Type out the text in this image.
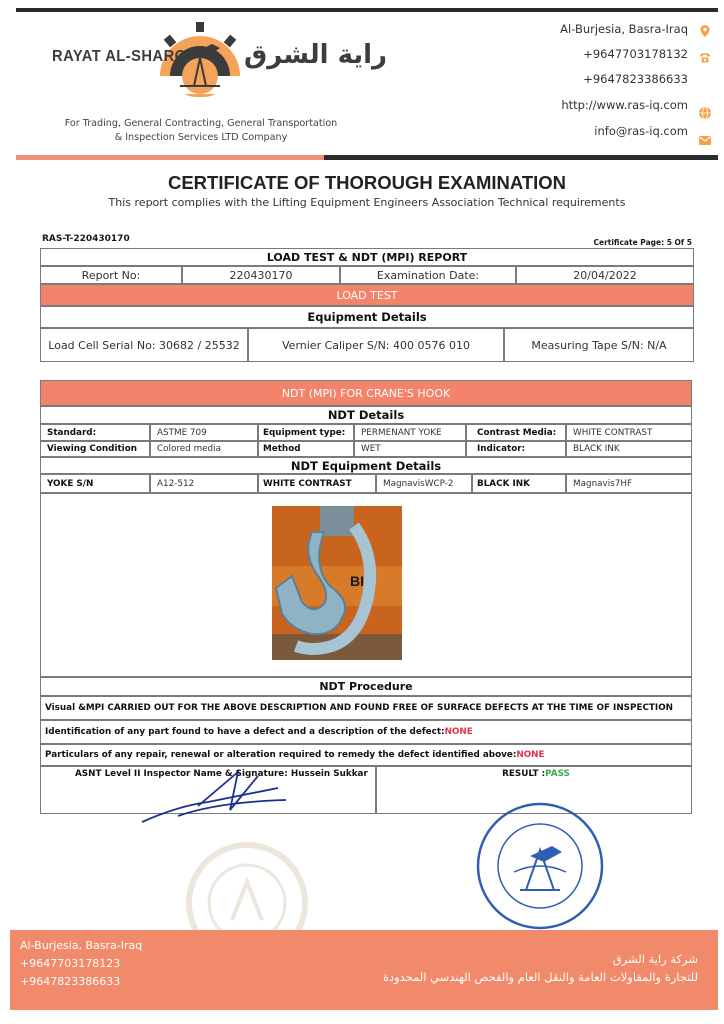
RAYAT AL-SHARQ راية الشرق
For Trading, General Contracting, General Transportation
& Inspection Services LTD Company
Al-Burjesia, Basra-Iraq
+9647703178132
+9647823386633
http://www.ras-iq.com
info@ras-iq.com
CERTIFICATE OF THOROUGH EXAMINATION
This report complies with the Lifting Equipment Engineers Association Technical requirements
RAS-T-220430170	Certificate Page: 5 Of 5
LOAD TEST & NDT (MPI) REPORT
Report No:	220430170	Examination Date:	20/04/2022
LOAD TEST
Equipment Details
Load Cell Serial No: 30682 / 25532	Vernier Caliper S/N: 400 0576 010	Measuring Tape S/N: N/A
NDT (MPI) FOR CRANE'S HOOK
NDT Details
Standard:	ASTME 709	Equipment type:	PERMENANT YOKE	Contrast Media:	WHITE CONTRAST
Viewing Condition	Colored media	Method	WET	Indicator:	BLACK INK
NDT Equipment Details
YOKE S/N	A12-512	WHITE CONTRAST	MagnavisWCP-2	BLACK INK	Magnavis7HF
BIS
NDT Procedure
Visual &MPI CARRIED OUT FOR THE ABOVE DESCRIPTION AND FOUND FREE OF SURFACE DEFECTS AT THE TIME OF INSPECTION
Identification of any part found to have a defect and a description of the defect: NONE
Particulars of any repair, renewal or alteration required to remedy the defect identified above: NONE
ASNT Level II Inspector Name & Signature: Hussein Sukkar	RESULT : PASS
Al-Burjesia, Basra-Iraq
+9647703178123
+9647823386633
شركة راية الشرق
للتجارة والمقاولات العامة والنقل العام والفحص الهندسي المحدودة
